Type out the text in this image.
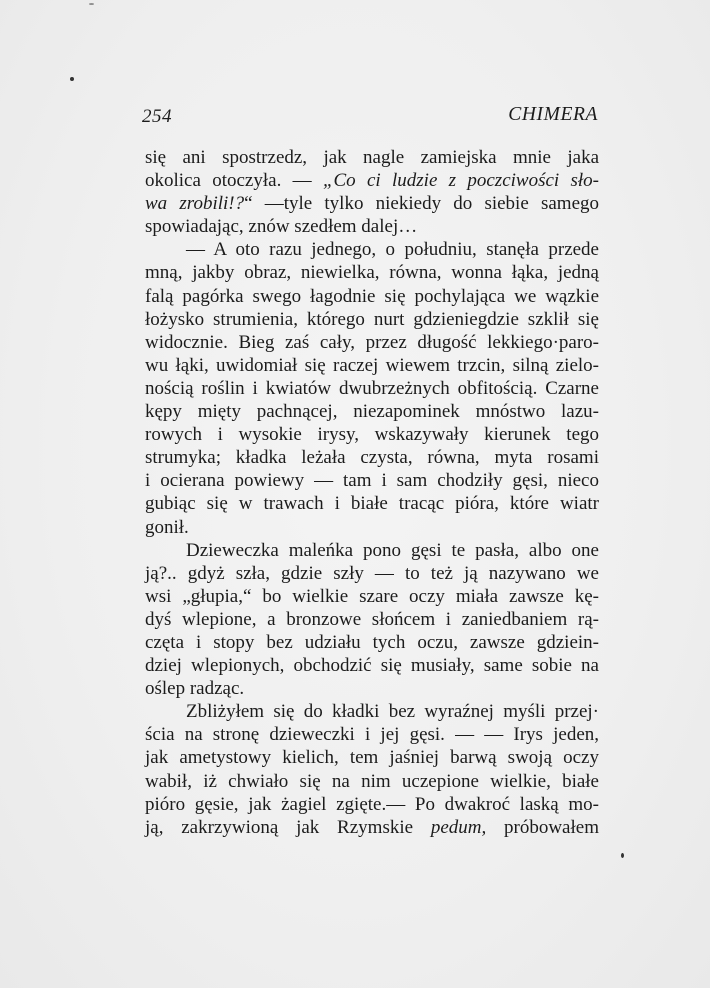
254	CHIMERA
się ani spostrzedz, jak nagle zamiejska mnie jaka
okolica otoczyła. — „Co ci ludzie z poczciwości sło-
wa zrobili!?“ —tyle tylko niekiedy do siebie samego
spowiadając, znów szedłem dalej…
— A oto razu jednego, o południu, stanęła przede
mną, jakby obraz, niewielka, równa, wonna łąka, jedną
falą pagórka swego łagodnie się pochylająca we wązkie
łożysko strumienia, którego nurt gdzieniegdzie szklił się
widocznie. Bieg zaś cały, przez długość lekkiego·paro-
wu łąki, uwidomiał się raczej wiewem trzcin, silną zielo-
nością roślin i kwiatów dwubrzeżnych obfitością. Czarne
kępy mięty pachnącej, niezapominek mnóstwo lazu-
rowych i wysokie irysy, wskazywały kierunek tego
strumyka; kładka leżała czysta, równa, myta rosami
i ocierana powiewy — tam i sam chodziły gęsi, nieco
gubiąc się w trawach i białe tracąc pióra, które wiatr
gonił.
Dzieweczka maleńka pono gęsi te pasła, albo one
ją?.. gdyż szła, gdzie szły — to też ją nazywano we
wsi „głupia,“ bo wielkie szare oczy miała zawsze kę-
dyś wlepione, a bronzowe słońcem i zaniedbaniem rą-
częta i stopy bez udziału tych oczu, zawsze gdziein-
dziej wlepionych, obchodzić się musiały, same sobie na
oślep radząc.
Zbliżyłem się do kładki bez wyraźnej myśli przej·
ścia na stronę dzieweczki i jej gęsi. — — Irys jeden,
jak ametystowy kielich, tem jaśniej barwą swoją oczy
wabił, iż chwiało się na nim uczepione wielkie, białe
pióro gęsie, jak żagiel zgięte.— Po dwakroć laską mo-
ją, zakrzywioną jak Rzymskie pedum, próbowałem
